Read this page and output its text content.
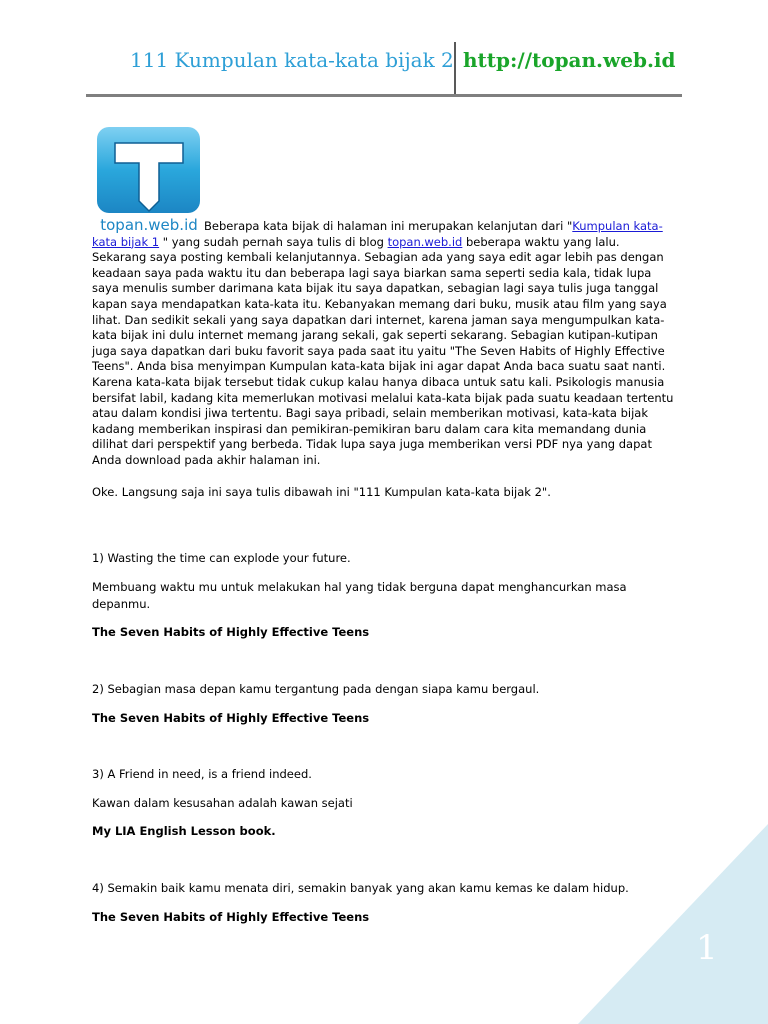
111 Kumpulan kata-kata bijak 2 http://topan.web.id
topan.web.id Beberapa kata bijak di halaman ini merupakan kelanjutan dari "Kumpulan kata-kata bijak 1 " yang sudah pernah saya tulis di blog topan.web.id beberapa waktu yang lalu. Sekarang saya posting kembali kelanjutannya. Sebagian ada yang saya edit agar lebih pas dengan keadaan saya pada waktu itu dan beberapa lagi saya biarkan sama seperti sedia kala, tidak lupa saya menulis sumber darimana kata bijak itu saya dapatkan, sebagian lagi saya tulis juga tanggal kapan saya mendapatkan kata-kata itu. Kebanyakan memang dari buku, musik atau film yang saya lihat. Dan sedikit sekali yang saya dapatkan dari internet, karena jaman saya mengumpulkan kata-kata bijak ini dulu internet memang jarang sekali, gak seperti sekarang. Sebagian kutipan-kutipan juga saya dapatkan dari buku favorit saya pada saat itu yaitu "The Seven Habits of Highly Effective Teens". Anda bisa menyimpan Kumpulan kata-kata bijak ini agar dapat Anda baca suatu saat nanti. Karena kata-kata bijak tersebut tidak cukup kalau hanya dibaca untuk satu kali. Psikologis manusia bersifat labil, kadang kita memerlukan motivasi melalui kata-kata bijak pada suatu keadaan tertentu atau dalam kondisi jiwa tertentu. Bagi saya pribadi, selain memberikan motivasi, kata-kata bijak kadang memberikan inspirasi dan pemikiran-pemikiran baru dalam cara kita memandang dunia dilihat dari perspektif yang berbeda. Tidak lupa saya juga memberikan versi PDF nya yang dapat Anda download pada akhir halaman ini.

Oke. Langsung saja ini saya tulis dibawah ini "111 Kumpulan kata-kata bijak 2".

1) Wasting the time can explode your future.
Membuang waktu mu untuk melakukan hal yang tidak berguna dapat menghancurkan masa depanmu.
The Seven Habits of Highly Effective Teens
2) Sebagian masa depan kamu tergantung pada dengan siapa kamu bergaul.
The Seven Habits of Highly Effective Teens
3) A Friend in need, is a friend indeed.
Kawan dalam kesusahan adalah kawan sejati
My LIA English Lesson book.
4) Semakin baik kamu menata diri, semakin banyak yang akan kamu kemas ke dalam hidup.
The Seven Habits of Highly Effective Teens
1
